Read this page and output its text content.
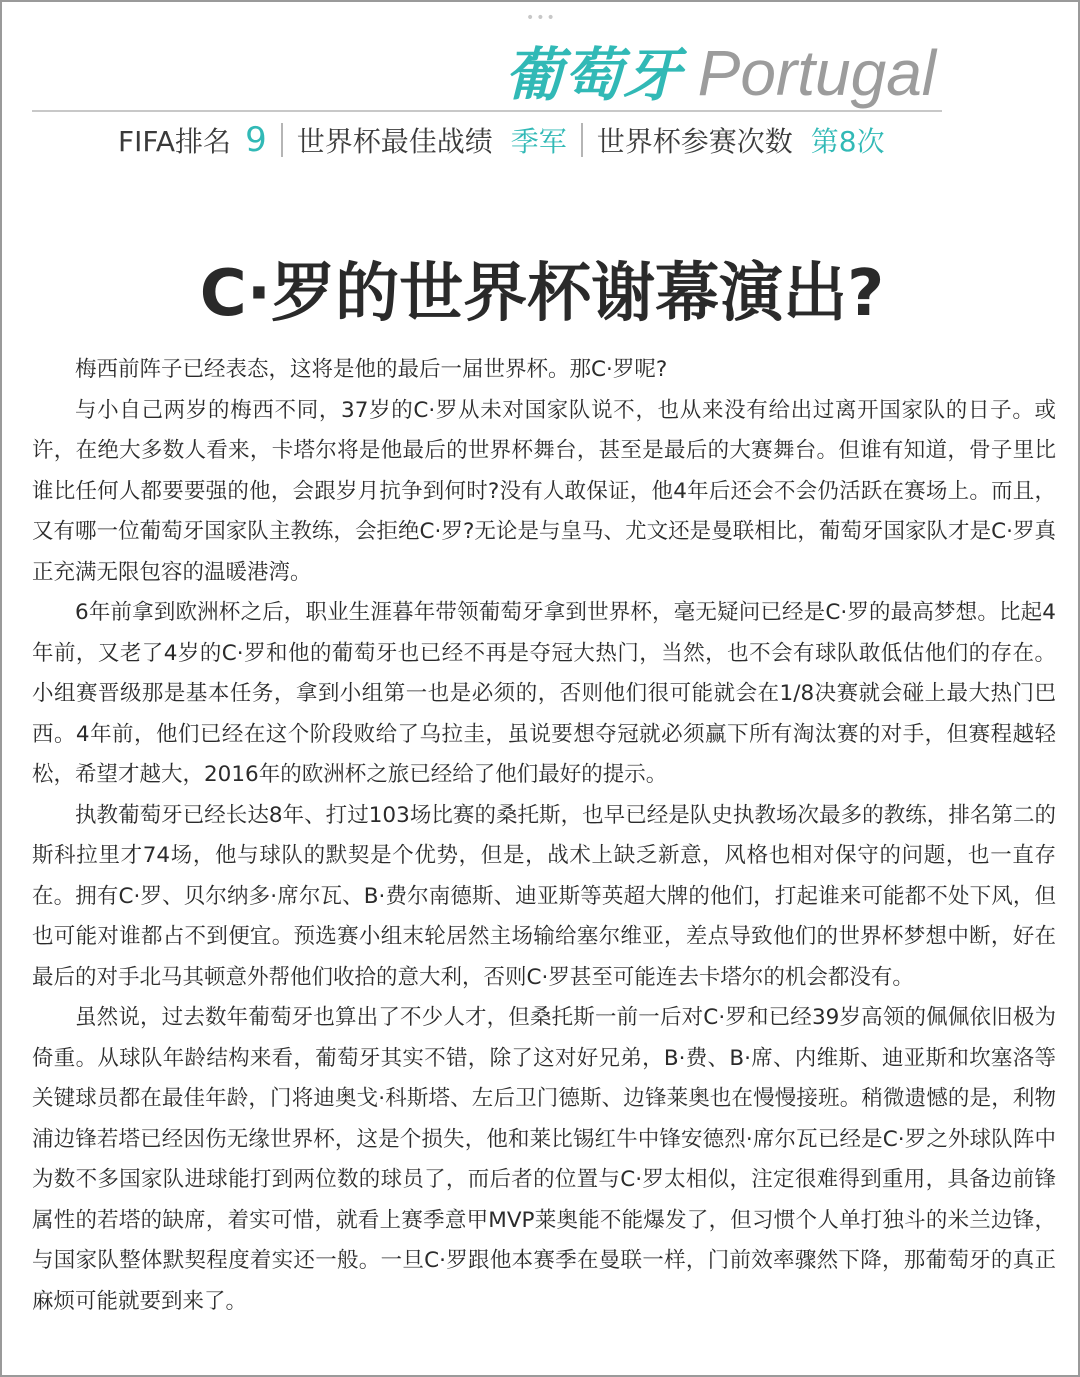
•••
葡萄牙 Portugal
FIFA排名 9 世界杯最佳战绩 季军 世界杯参赛次数 第8次
C·罗的世界杯谢幕演出?

梅西前阵子已经表态，这将是他的最后一届世界杯。那C·罗呢?

与小自己两岁的梅西不同，37岁的C·罗从未对国家队说不，也从来没有给出过离开国家队的日子。或许，在绝大多数人看来，卡塔尔将是他最后的世界杯舞台，甚至是最后的大赛舞台。但谁有知道，骨子里比谁比任何人都要要强的他，会跟岁月抗争到何时?没有人敢保证，他4年后还会不会仍活跃在赛场上。而且，又有哪一位葡萄牙国家队主教练，会拒绝C·罗?无论是与皇马、尤文还是曼联相比，葡萄牙国家队才是C·罗真正充满无限包容的温暖港湾。

6年前拿到欧洲杯之后，职业生涯暮年带领葡萄牙拿到世界杯，毫无疑问已经是C·罗的最高梦想。比起4年前，又老了4岁的C·罗和他的葡萄牙也已经不再是夺冠大热门，当然，也不会有球队敢低估他们的存在。小组赛晋级那是基本任务，拿到小组第一也是必须的，否则他们很可能就会在1/8决赛就会碰上最大热门巴西。4年前，他们已经在这个阶段败给了乌拉圭，虽说要想夺冠就必须赢下所有淘汰赛的对手，但赛程越轻松，希望才越大，2016年的欧洲杯之旅已经给了他们最好的提示。

执教葡萄牙已经长达8年、打过103场比赛的桑托斯，也早已经是队史执教场次最多的教练，排名第二的斯科拉里才74场，他与球队的默契是个优势，但是，战术上缺乏新意，风格也相对保守的问题，也一直存在。拥有C·罗、贝尔纳多·席尔瓦、B·费尔南德斯、迪亚斯等英超大牌的他们，打起谁来可能都不处下风，但也可能对谁都占不到便宜。预选赛小组末轮居然主场输给塞尔维亚，差点导致他们的世界杯梦想中断，好在最后的对手北马其顿意外帮他们收拾的意大利，否则C·罗甚至可能连去卡塔尔的机会都没有。

虽然说，过去数年葡萄牙也算出了不少人才，但桑托斯一前一后对C·罗和已经39岁高领的佩佩依旧极为倚重。从球队年龄结构来看，葡萄牙其实不错，除了这对好兄弟，B·费、B·席、内维斯、迪亚斯和坎塞洛等关键球员都在最佳年龄，门将迪奥戈·科斯塔、左后卫门德斯、边锋莱奥也在慢慢接班。稍微遗憾的是，利物浦边锋若塔已经因伤无缘世界杯，这是个损失，他和莱比锡红牛中锋安德烈·席尔瓦已经是C·罗之外球队阵中为数不多国家队进球能打到两位数的球员了，而后者的位置与C·罗太相似，注定很难得到重用，具备边前锋属性的若塔的缺席，着实可惜，就看上赛季意甲MVP莱奥能不能爆发了，但习惯个人单打独斗的米兰边锋，与国家队整体默契程度着实还一般。一旦C·罗跟他本赛季在曼联一样，门前效率骤然下降，那葡萄牙的真正麻烦可能就要到来了。
